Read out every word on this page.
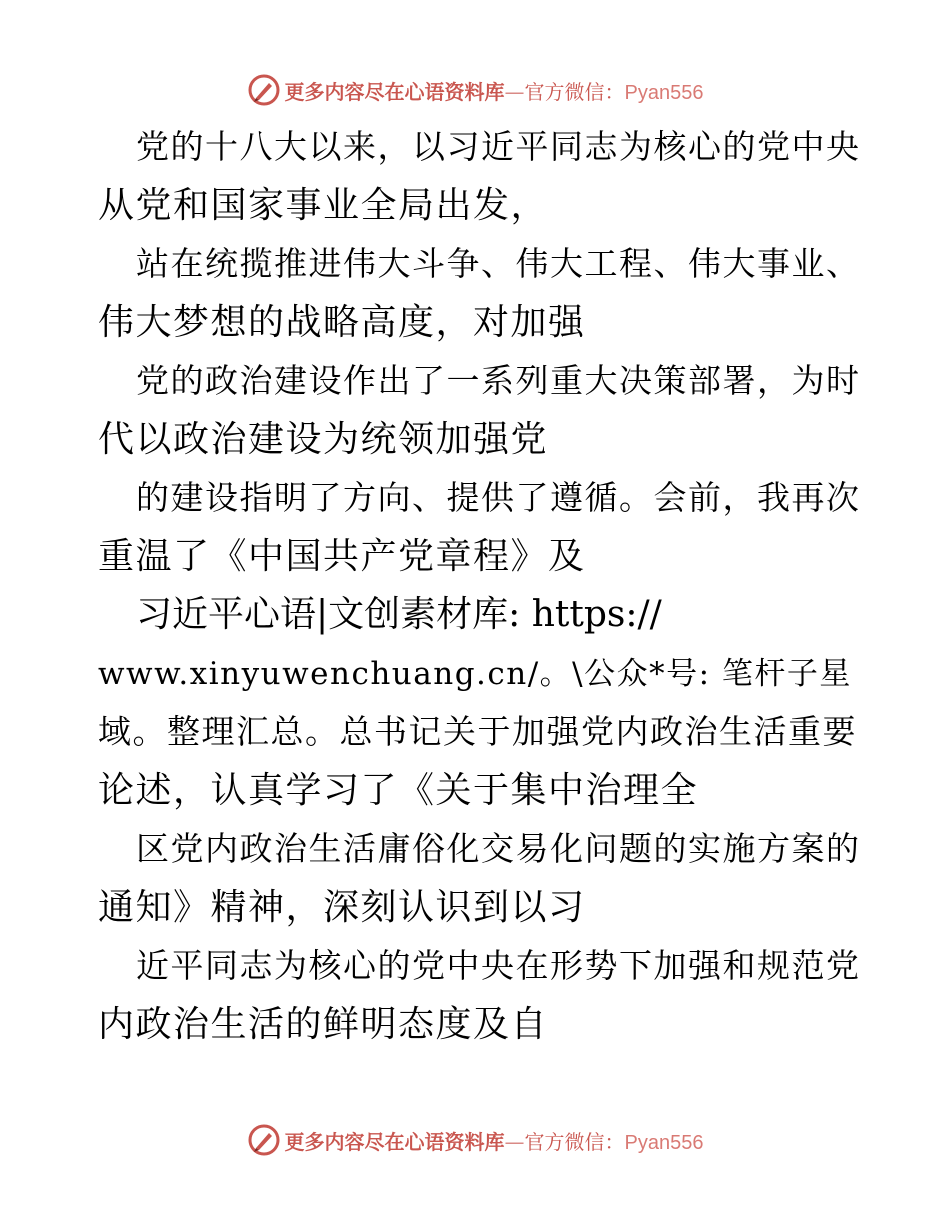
更多内容尽在心语资料库—官方微信：Pyan556
党的十八大以来，以习近平同志为核心的党中央
从党和国家事业全局出发，
站在统揽推进伟大斗争、伟大工程、伟大事业、
伟大梦想的战略高度，对加强
党的政治建设作出了一系列重大决策部署，为时
代以政治建设为统领加强党
的建设指明了方向、提供了遵循。会前，我再次
重温了《中国共产党章程》及
习近平心语|文创素材库: https://
www.xinyuwenchuang.cn/。\公众*号: 笔杆子星
域。整理汇总。总书记关于加强党内政治生活重要
论述，认真学习了《关于集中治理全
区党内政治生活庸俗化交易化问题的实施方案的
通知》精神，深刻认识到以习
近平同志为核心的党中央在形势下加强和规范党
内政治生活的鲜明态度及自
更多内容尽在心语资料库—官方微信：Pyan556
